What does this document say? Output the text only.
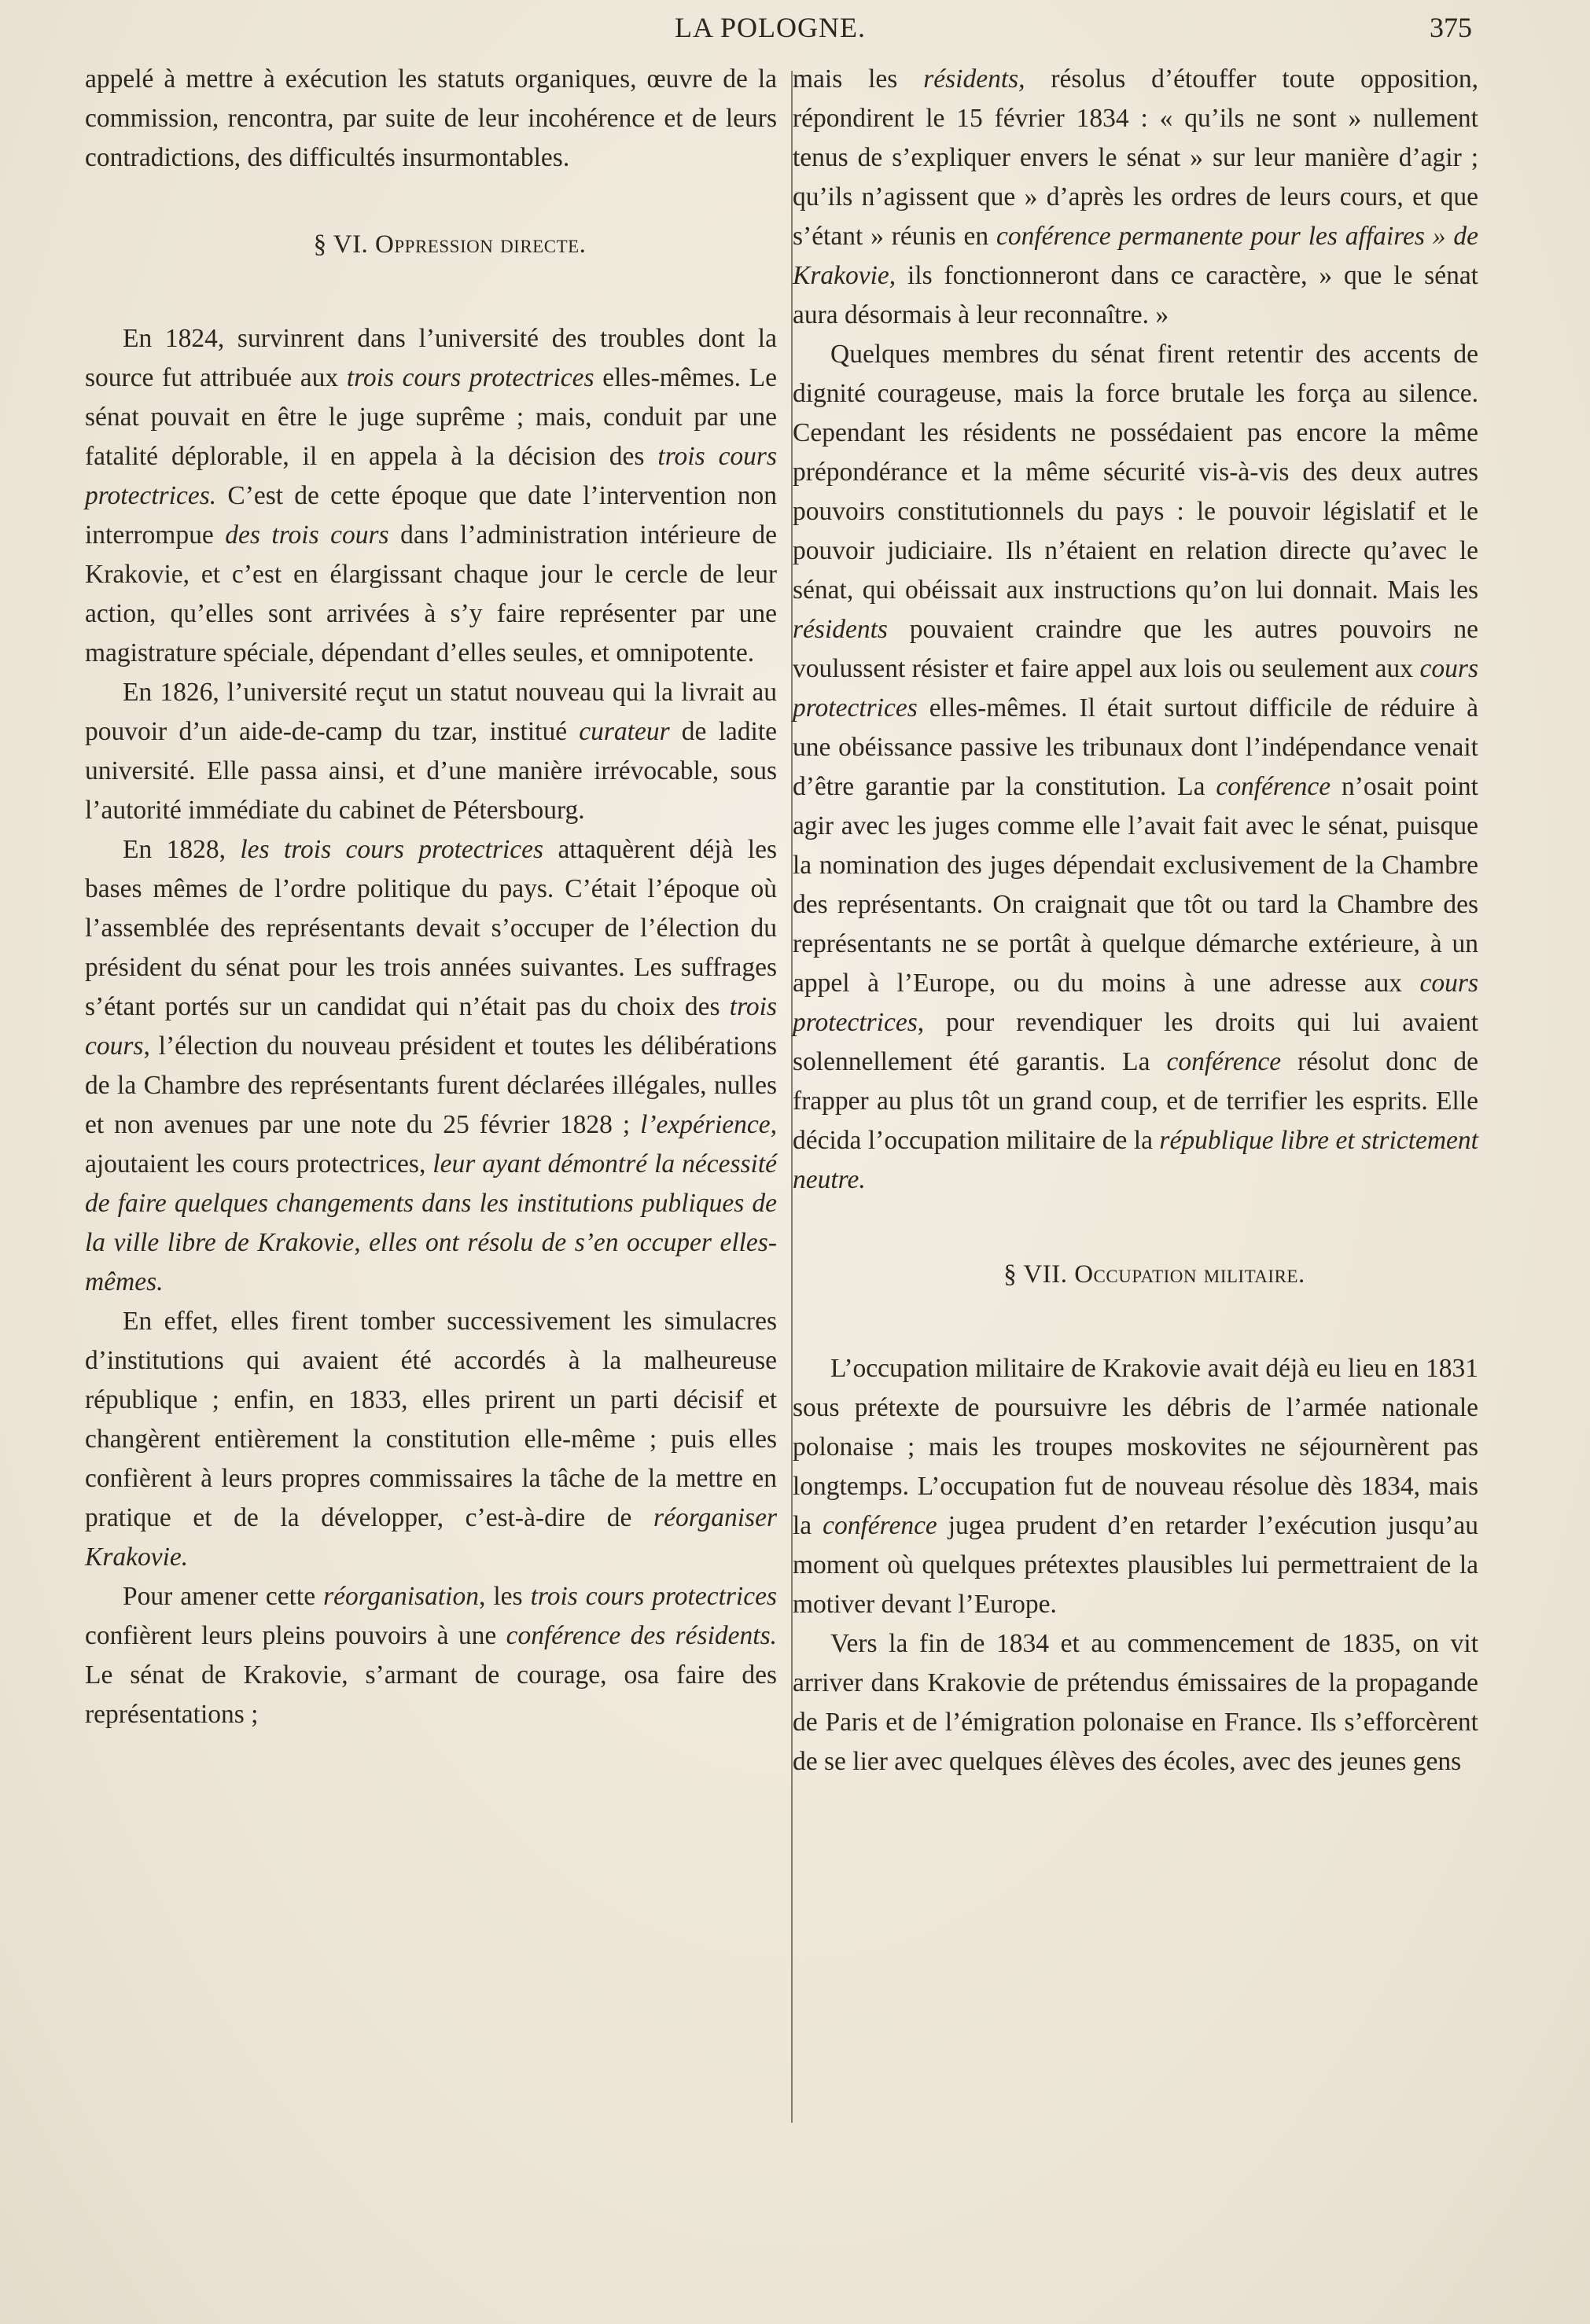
LA POLOGNE.	375

appelé à mettre à exécution les statuts organiques, œuvre de la commission, rencontra, par suite de leur incohérence et de leurs contradictions, des difficultés insurmontables.

§ VI. Oppression directe.

En 1824, survinrent dans l’université des troubles dont la source fut attribuée aux trois cours protectrices elles-mêmes. Le sénat pouvait en être le juge suprême ; mais, conduit par une fatalité déplorable, il en appela à la décision des trois cours protectrices. C’est de cette époque que date l’intervention non interrompue des trois cours dans l’administration intérieure de Krakovie, et c’est en élargissant chaque jour le cercle de leur action, qu’elles sont arrivées à s’y faire représenter par une magistrature spéciale, dépendant d’elles seules, et omnipotente.

En 1826, l’université reçut un statut nouveau qui la livrait au pouvoir d’un aide-de-camp du tzar, institué curateur de ladite université. Elle passa ainsi, et d’une manière irrévocable, sous l’autorité immédiate du cabinet de Pétersbourg.

En 1828, les trois cours protectrices attaquèrent déjà les bases mêmes de l’ordre politique du pays. C’était l’époque où l’assemblée des représentants devait s’occuper de l’élection du président du sénat pour les trois années suivantes. Les suffrages s’étant portés sur un candidat qui n’était pas du choix des trois cours, l’élection du nouveau président et toutes les délibérations de la Chambre des représentants furent déclarées illégales, nulles et non avenues par une note du 25 février 1828 ; l’expérience, ajoutaient les cours protectrices, leur ayant démontré la nécessité de faire quelques changements dans les institutions publiques de la ville libre de Krakovie, elles ont résolu de s’en occuper elles-mêmes.

En effet, elles firent tomber successivement les simulacres d’institutions qui avaient été accordés à la malheureuse république ; enfin, en 1833, elles prirent un parti décisif et changèrent entièrement la constitution elle-même ; puis elles confièrent à leurs propres commissaires la tâche de la mettre en pratique et de la développer, c’est-à-dire de réorganiser Krakovie.

Pour amener cette réorganisation, les trois cours protectrices confièrent leurs pleins pouvoirs à une conférence des résidents. Le sénat de Krakovie, s’armant de courage, osa faire des représentations ;

mais les résidents, résolus d’étouffer toute opposition, répondirent le 15 février 1834 : « qu’ils ne sont » nullement tenus de s’expliquer envers le sénat » sur leur manière d’agir ; qu’ils n’agissent que » d’après les ordres de leurs cours, et que s’étant » réunis en conférence permanente pour les affaires » de Krakovie, ils fonctionneront dans ce caractère, » que le sénat aura désormais à leur reconnaître. »

Quelques membres du sénat firent retentir des accents de dignité courageuse, mais la force brutale les força au silence. Cependant les résidents ne possédaient pas encore la même prépondérance et la même sécurité vis-à-vis des deux autres pouvoirs constitutionnels du pays : le pouvoir législatif et le pouvoir judiciaire. Ils n’étaient en relation directe qu’avec le sénat, qui obéissait aux instructions qu’on lui donnait. Mais les résidents pouvaient craindre que les autres pouvoirs ne voulussent résister et faire appel aux lois ou seulement aux cours protectrices elles-mêmes. Il était surtout difficile de réduire à une obéissance passive les tribunaux dont l’indépendance venait d’être garantie par la constitution. La conférence n’osait point agir avec les juges comme elle l’avait fait avec le sénat, puisque la nomination des juges dépendait exclusivement de la Chambre des représentants. On craignait que tôt ou tard la Chambre des représentants ne se portât à quelque démarche extérieure, à un appel à l’Europe, ou du moins à une adresse aux cours protectrices, pour revendiquer les droits qui lui avaient solennellement été garantis. La conférence résolut donc de frapper au plus tôt un grand coup, et de terrifier les esprits. Elle décida l’occupation militaire de la république libre et strictement neutre.

§ VII. Occupation militaire.

L’occupation militaire de Krakovie avait déjà eu lieu en 1831 sous prétexte de poursuivre les débris de l’armée nationale polonaise ; mais les troupes moskovites ne séjournèrent pas longtemps. L’occupation fut de nouveau résolue dès 1834, mais la conférence jugea prudent d’en retarder l’exécution jusqu’au moment où quelques prétextes plausibles lui permettraient de la motiver devant l’Europe.

Vers la fin de 1834 et au commencement de 1835, on vit arriver dans Krakovie de prétendus émissaires de la propagande de Paris et de l’émigration polonaise en France. Ils s’efforcèrent de se lier avec quelques élèves des écoles, avec des jeunes gens
